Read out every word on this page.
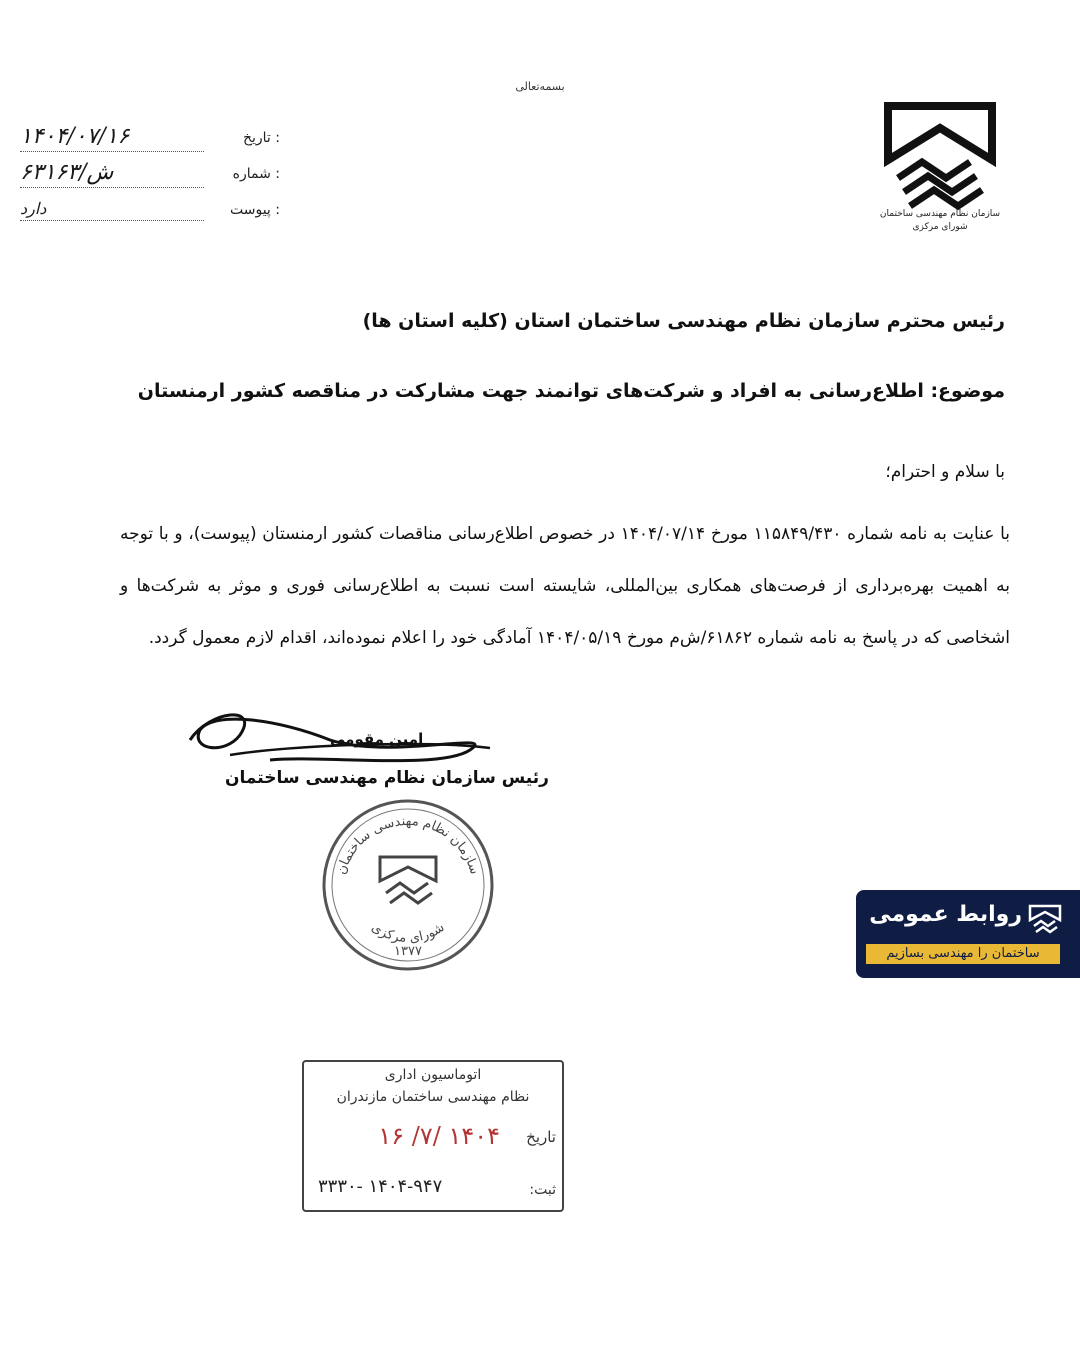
بسمه‌تعالی
سازمان نظام مهندسی ساختمان
شورای مرکزی
تاریخ :
۱۴۰۴/۰۷/۱۶
شماره :
۶۳۱۶۳/ش
پیوست :
دارد
رئیس محترم سازمان نظام مهندسی ساختمان استان (کلیه استان ها)
موضوع: اطلاع‌رسانی به افراد و شرکت‌های توانمند جهت مشارکت در مناقصه کشور ارمنستان
با سلام و احترام؛
با عنایت به نامه شماره ۱۱۵۸۴۹/۴۳۰ مورخ ۱۴۰۴/۰۷/۱۴ در خصوص اطلاع‌رسانی مناقصات کشور ارمنستان (پیوست)، و با توجه به اهمیت بهره‌برداری از فرصت‌های همکاری بین‌المللی، شایسته است نسبت به اطلاع‌رسانی فوری و موثر به شرکت‌ها و اشخاصی که در پاسخ به نامه شماره ۶۱۸۶۲/ش‌م مورخ ۱۴۰۴/۰۵/۱۹ آمادگی خود را اعلام نموده‌اند، اقدام لازم معمول گردد.
امین مقومی
رئیس سازمان نظام مهندسی ساختمان
سازمان نظام مهندسی ساختمان
شورای مرکزی
۱۳۷۷
روابط عمومی
ساختمان را مهندسی بسازیم
اتوماسیون اداری
نظام مهندسی ساختمان مازندران
تاریخ
۱۴۰۴ /۷/ ۱۶
ثبت:
۱۴۰۴-۹۴۷ -۳۳۳۰
